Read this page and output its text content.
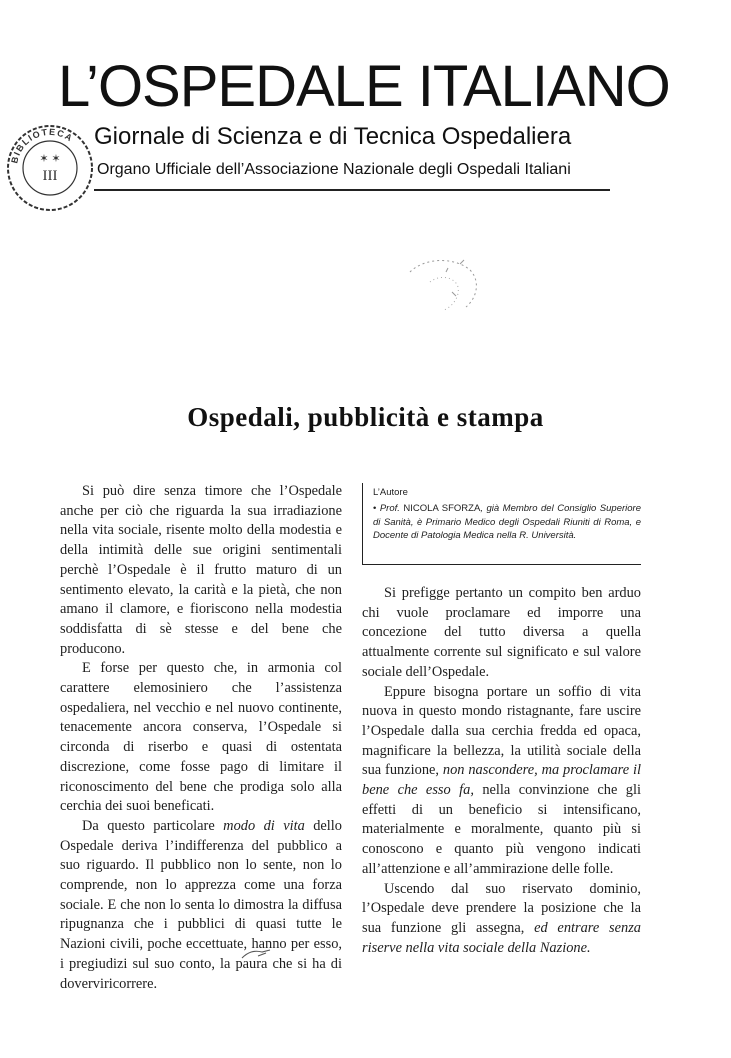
BIBLIOTECA
✶ ✶
III
L’OSPEDALE ITALIANO
Giornale di Scienza e di Tecnica Ospedaliera
Organo Ufficiale dell’Associazione Nazionale degli Ospedali Italiani
Ospedali, pubblicità e stampa

Si può dire senza timore che l’Ospedale anche per ciò che riguarda la sua irradiazione nella vita sociale, risente molto della modestia e della intimità delle sue origini sentimentali perchè l’Ospedale è il frutto maturo di un sentimento elevato, la carità e la pietà, che non amano il clamore, e fioriscono nella modestia soddisfatta di sè stesse e del bene che producono.

E forse per questo che, in armonia col carattere elemosiniero che l’assistenza ospedaliera, nel vecchio e nel nuovo continente, tenacemente ancora conserva, l’Ospedale si circonda di riserbo e quasi di ostentata discrezione, come fosse pago di limitare il riconoscimento del bene che prodiga solo alla cerchia dei suoi beneficati.

Da questo particolare modo di vita dello Ospedale deriva l’indifferenza del pubblico a suo riguardo. Il pubblico non lo sente, non lo comprende, non lo apprezza come una forza sociale. E che non lo senta lo dimostra la diffusa ripugnanza che i pubblici di quasi tutte le Nazioni civili, poche eccettuate, hanno per esso, i pregiudizi sul suo conto, la paura che si ha di doverviricorrere.

L’Autore
• Prof. NICOLA SFORZA, già Membro del Consiglio Superiore di Sanità, è Primario Medico degli Ospedali Riuniti di Roma, e Docente di Patologia Medica nella R. Università.

Si prefigge pertanto un compito ben arduo chi vuole proclamare ed imporre una concezione del tutto diversa a quella attualmente corrente sul significato e sul valore sociale dell’Ospedale.

Eppure bisogna portare un soffio di vita nuova in questo mondo ristagnante, fare uscire l’Ospedale dalla sua cerchia fredda ed opaca, magnificare la bellezza, la utilità sociale della sua funzione, non nascondere, ma proclamare il bene che esso fa, nella convinzione che gli effetti di un beneficio si intensificano, materialmente e moralmente, quanto più si conoscono e quanto più vengono indicati all’attenzione e all’ammirazione delle folle.

Uscendo dal suo riservato dominio, l’Ospedale deve prendere la posizione che la sua funzione gli assegna, ed entrare senza riserve nella vita sociale della Nazione.
